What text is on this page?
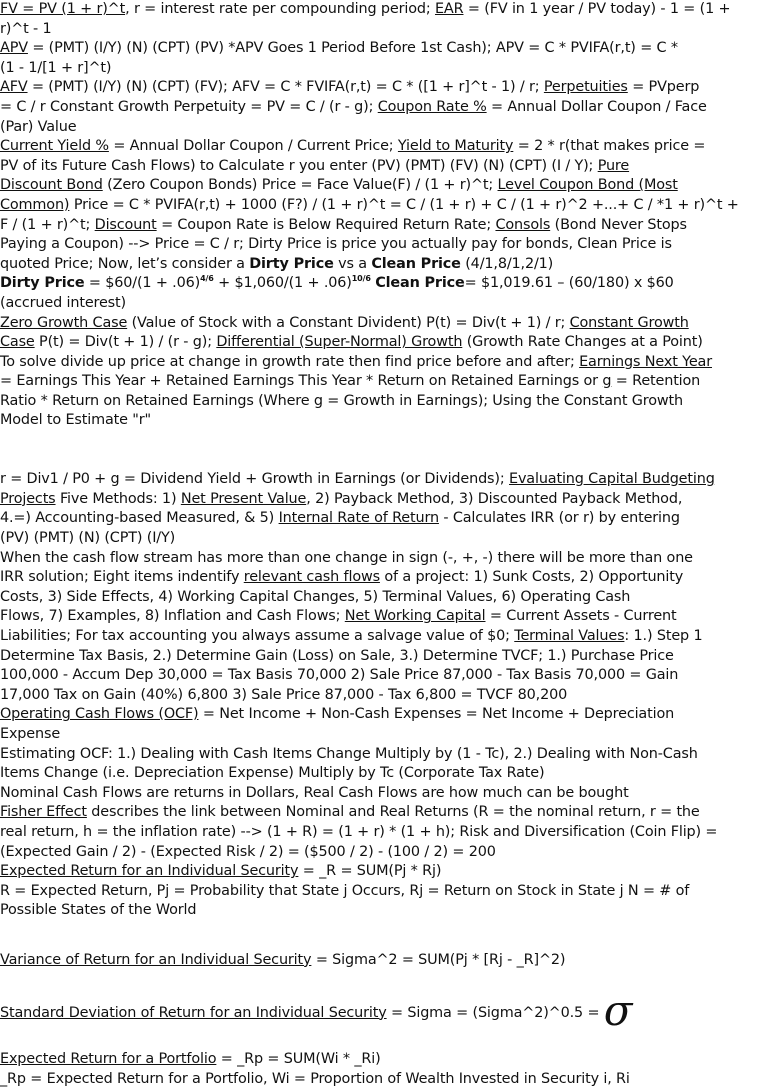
FV = PV (1 + r)^t, r = interest rate per compounding period; EAR = (FV in 1 year / PV today) - 1 = (1 +
r)^t - 1
APV = (PMT) (I/Y) (N) (CPT) (PV) *APV Goes 1 Period Before 1st Cash); APV = C * PVIFA(r,t) = C *
(1 - 1/[1 + r]^t)
AFV = (PMT) (I/Y) (N) (CPT) (FV); AFV = C * FVIFA(r,t) = C * ([1 + r]^t - 1) / r; Perpetuities = PVperp
= C / r Constant Growth Perpetuity = PV = C / (r - g); Coupon Rate % = Annual Dollar Coupon / Face
(Par) Value
Current Yield % = Annual Dollar Coupon / Current Price; Yield to Maturity = 2 * r(that makes price =
PV of its Future Cash Flows) to Calculate r you enter (PV) (PMT) (FV) (N) (CPT) (I / Y); Pure
Discount Bond (Zero Coupon Bonds) Price = Face Value(F) / (1 + r)^t; Level Coupon Bond (Most
Common) Price = C * PVIFA(r,t) + 1000 (F?) / (1 + r)^t = C / (1 + r) + C / (1 + r)^2 +...+ C / *1 + r)^t +
F / (1 + r)^t; Discount = Coupon Rate is Below Required Return Rate; Consols (Bond Never Stops
Paying a Coupon) --> Price = C / r; Dirty Price is price you actually pay for bonds, Clean Price is
quoted Price; Now, let’s consider a Dirty Price vs a Clean Price (4/1,8/1,2/1)
Dirty Price = $60/(1 + .06)$^{4/6}$ + $1,060/(1 + .06)$^{10/6}$ Clean Price= $1,019.61 – (60/180) x $60
(accrued interest)
Zero Growth Case (Value of Stock with a Constant Divident) P(t) = Div(t + 1) / r; Constant Growth
Case P(t) = Div(t + 1) / (r - g); Differential (Super-Normal) Growth (Growth Rate Changes at a Point)
To solve divide up price at change in growth rate then find price before and after; Earnings Next Year
= Earnings This Year + Retained Earnings This Year * Return on Retained Earnings or g = Retention
Ratio * Return on Retained Earnings (Where g = Growth in Earnings); Using the Constant Growth
Model to Estimate "r"
r = Div1 / P0 + g = Dividend Yield + Growth in Earnings (or Dividends); Evaluating Capital Budgeting
Projects Five Methods: 1) Net Present Value, 2) Payback Method, 3) Discounted Payback Method,
4.=) Accounting-based Measured, & 5) Internal Rate of Return - Calculates IRR (or r) by entering
(PV) (PMT) (N) (CPT) (I/Y)
When the cash flow stream has more than one change in sign (-, +, -) there will be more than one
IRR solution; Eight items indentify relevant cash flows of a project: 1) Sunk Costs, 2) Opportunity
Costs, 3) Side Effects, 4) Working Capital Changes, 5) Terminal Values, 6) Operating Cash
Flows, 7) Examples, 8) Inflation and Cash Flows; Net Working Capital = Current Assets - Current
Liabilities; For tax accounting you always assume a salvage value of $0; Terminal Values: 1.) Step 1
Determine Tax Basis, 2.) Determine Gain (Loss) on Sale, 3.) Determine TVCF; 1.) Purchase Price
100,000 - Accum Dep 30,000 = Tax Basis 70,000 2) Sale Price 87,000 - Tax Basis 70,000 = Gain
17,000 Tax on Gain (40%) 6,800 3) Sale Price 87,000 - Tax 6,800 = TVCF 80,200
Operating Cash Flows (OCF) = Net Income + Non-Cash Expenses = Net Income + Depreciation
Expense
Estimating OCF: 1.) Dealing with Cash Items Change Multiply by (1 - Tc), 2.) Dealing with Non-Cash
Items Change (i.e. Depreciation Expense) Multiply by Tc (Corporate Tax Rate)
Nominal Cash Flows are returns in Dollars, Real Cash Flows are how much can be bought
Fisher Effect describes the link between Nominal and Real Returns (R = the nominal return, r = the
real return, h = the inflation rate) --> (1 + R) = (1 + r) * (1 + h); Risk and Diversification (Coin Flip) =
(Expected Gain / 2) - (Expected Risk / 2) = ($500 / 2) - (100 / 2) = 200
Expected Return for an Individual Security = _R = SUM(Pj * Rj)
R = Expected Return, Pj = Probability that State j Occurs, Rj = Return on Stock in State j N = # of
Possible States of the World
Variance of Return for an Individual Security = Sigma^2 = SUM(Pj * [Rj - _R]^2)
Standard Deviation of Return for an Individual Security = Sigma = (Sigma^2)^0.5 = σ
Expected Return for a Portfolio = _Rp = SUM(Wi * _Ri)
_Rp = Expected Return for a Portfolio, Wi = Proportion of Wealth Invested in Security i, Ri
